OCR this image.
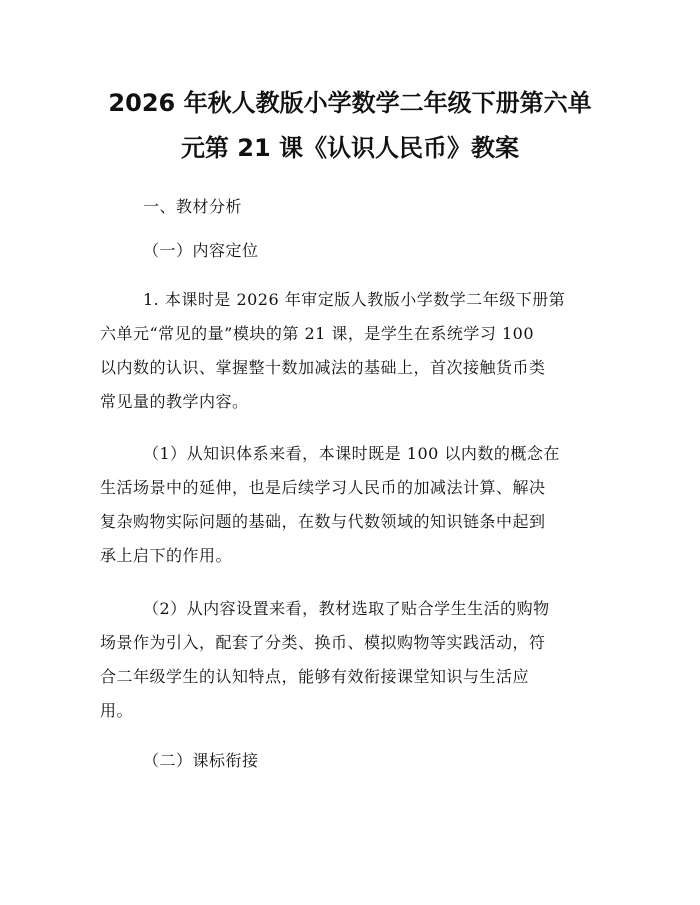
2026 年秋人教版小学数学二年级下册第六单
元第 21 课《认识人民币》教案
一、教材分析
（一）内容定位
1. 本课时是 2026 年审定版人教版小学数学二年级下册第
六单元“常见的量”模块的第 21 课，是学生在系统学习 100
以内数的认识、掌握整十数加减法的基础上，首次接触货币类
常见量的教学内容。
（1）从知识体系来看，本课时既是 100 以内数的概念在
生活场景中的延伸，也是后续学习人民币的加减法计算、解决
复杂购物实际问题的基础，在数与代数领域的知识链条中起到
承上启下的作用。
（2）从内容设置来看，教材选取了贴合学生生活的购物
场景作为引入，配套了分类、换币、模拟购物等实践活动，符
合二年级学生的认知特点，能够有效衔接课堂知识与生活应
用。
（二）课标衔接
